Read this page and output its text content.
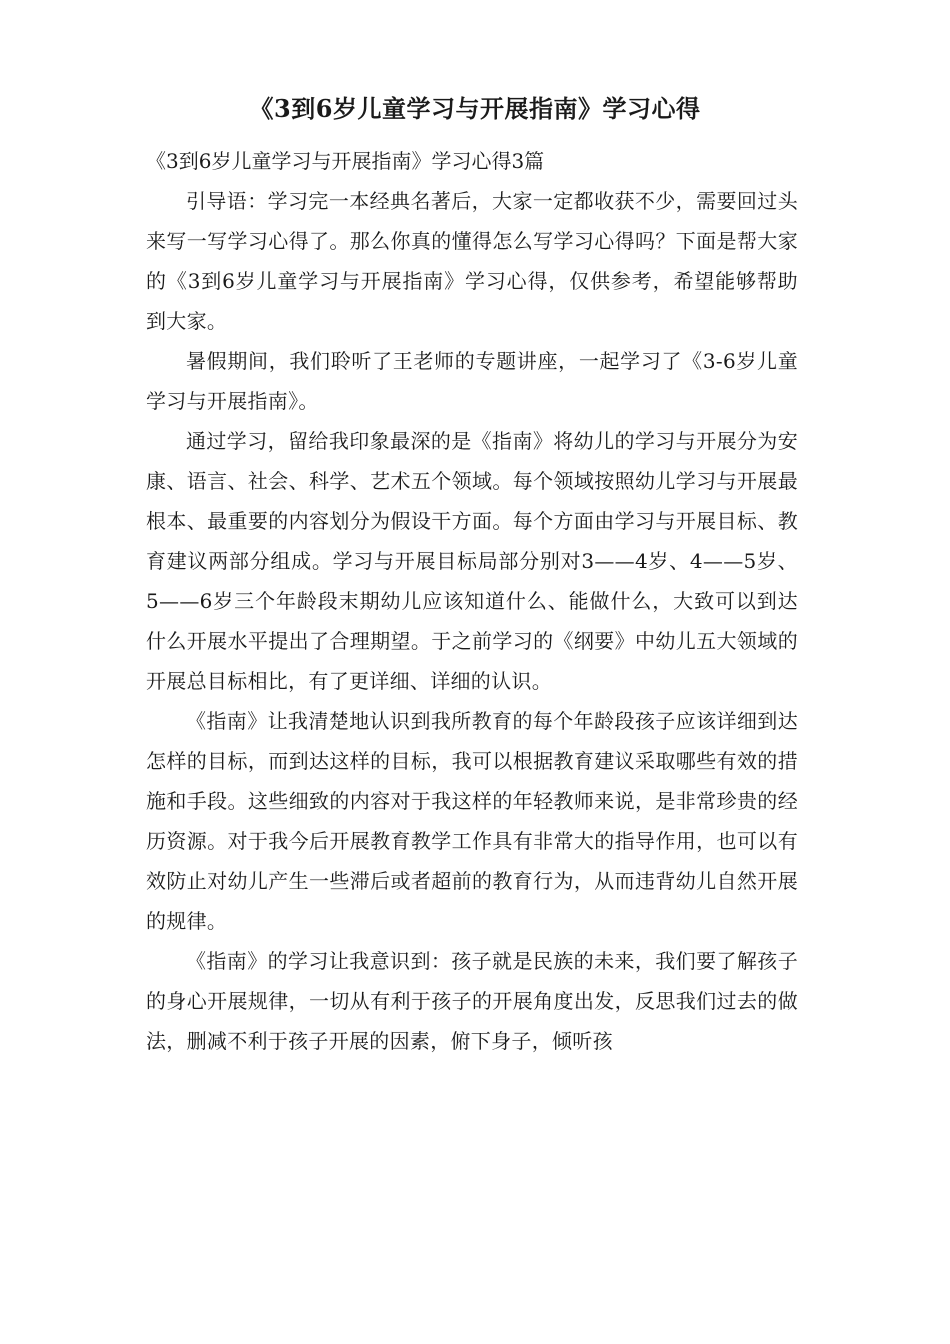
《3到6岁儿童学习与开展指南》学习心得

《3到6岁儿童学习与开展指南》学习心得3篇

引导语：学习完一本经典名著后，大家一定都收获不少，需要回过头来写一写学习心得了。那么你真的懂得怎么写学习心得吗？下面是帮大家的《3到6岁儿童学习与开展指南》学习心得，仅供参考，希望能够帮助到大家。

暑假期间，我们聆听了王老师的专题讲座，一起学习了《3-6岁儿童学习与开展指南》。

通过学习，留给我印象最深的是《指南》将幼儿的学习与开展分为安康、语言、社会、科学、艺术五个领域。每个领域按照幼儿学习与开展最根本、最重要的内容划分为假设干方面。每个方面由学习与开展目标、教育建议两部分组成。学习与开展目标局部分别对3——4岁、4——5岁、5——6岁三个年龄段末期幼儿应该知道什么、能做什么，大致可以到达什么开展水平提出了合理期望。于之前学习的《纲要》中幼儿五大领域的开展总目标相比，有了更详细、详细的认识。

《指南》让我清楚地认识到我所教育的每个年龄段孩子应该详细到达怎样的目标，而到达这样的目标，我可以根据教育建议采取哪些有效的措施和手段。这些细致的内容对于我这样的年轻教师来说，是非常珍贵的经历资源。对于我今后开展教育教学工作具有非常大的指导作用，也可以有效防止对幼儿产生一些滞后或者超前的教育行为，从而违背幼儿自然开展的规律。

《指南》的学习让我意识到：孩子就是民族的未来，我们要了解孩子的身心开展规律，一切从有利于孩子的开展角度出发，反思我们过去的做法，删减不利于孩子开展的因素，俯下身子，倾听孩
